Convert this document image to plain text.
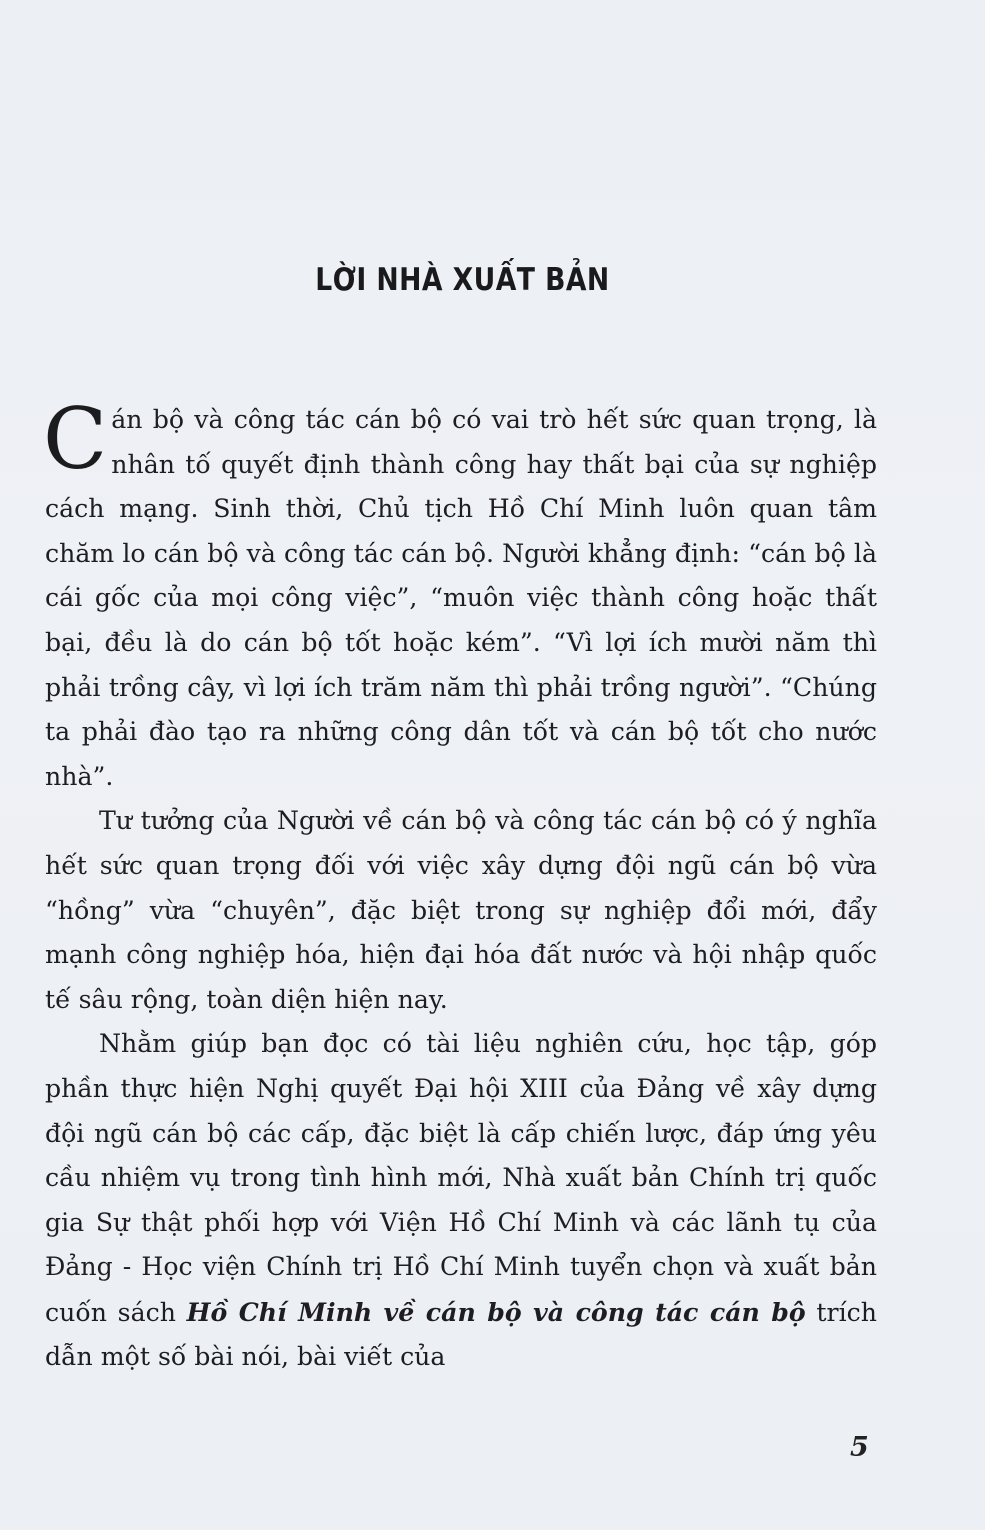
LỜI NHÀ XUẤT BẢN

Cán bộ và công tác cán bộ có vai trò hết sức quan trọng, là nhân tố quyết định thành công hay thất bại của sự nghiệp cách mạng. Sinh thời, Chủ tịch Hồ Chí Minh luôn quan tâm chăm lo cán bộ và công tác cán bộ. Người khẳng định: “cán bộ là cái gốc của mọi công việc”, “muôn việc thành công hoặc thất bại, đều là do cán bộ tốt hoặc kém”. “Vì lợi ích mười năm thì phải trồng cây, vì lợi ích trăm năm thì phải trồng người”. “Chúng ta phải đào tạo ra những công dân tốt và cán bộ tốt cho nước nhà”.

Tư tưởng của Người về cán bộ và công tác cán bộ có ý nghĩa hết sức quan trọng đối với việc xây dựng đội ngũ cán bộ vừa “hồng” vừa “chuyên”, đặc biệt trong sự nghiệp đổi mới, đẩy mạnh công nghiệp hóa, hiện đại hóa đất nước và hội nhập quốc tế sâu rộng, toàn diện hiện nay.

Nhằm giúp bạn đọc có tài liệu nghiên cứu, học tập, góp phần thực hiện Nghị quyết Đại hội XIII của Đảng về xây dựng đội ngũ cán bộ các cấp, đặc biệt là cấp chiến lược, đáp ứng yêu cầu nhiệm vụ trong tình hình mới, Nhà xuất bản Chính trị quốc gia Sự thật phối hợp với Viện Hồ Chí Minh và các lãnh tụ của Đảng - Học viện Chính trị Hồ Chí Minh tuyển chọn và xuất bản cuốn sách Hồ Chí Minh về cán bộ và công tác cán bộ trích dẫn một số bài nói, bài viết của

5
